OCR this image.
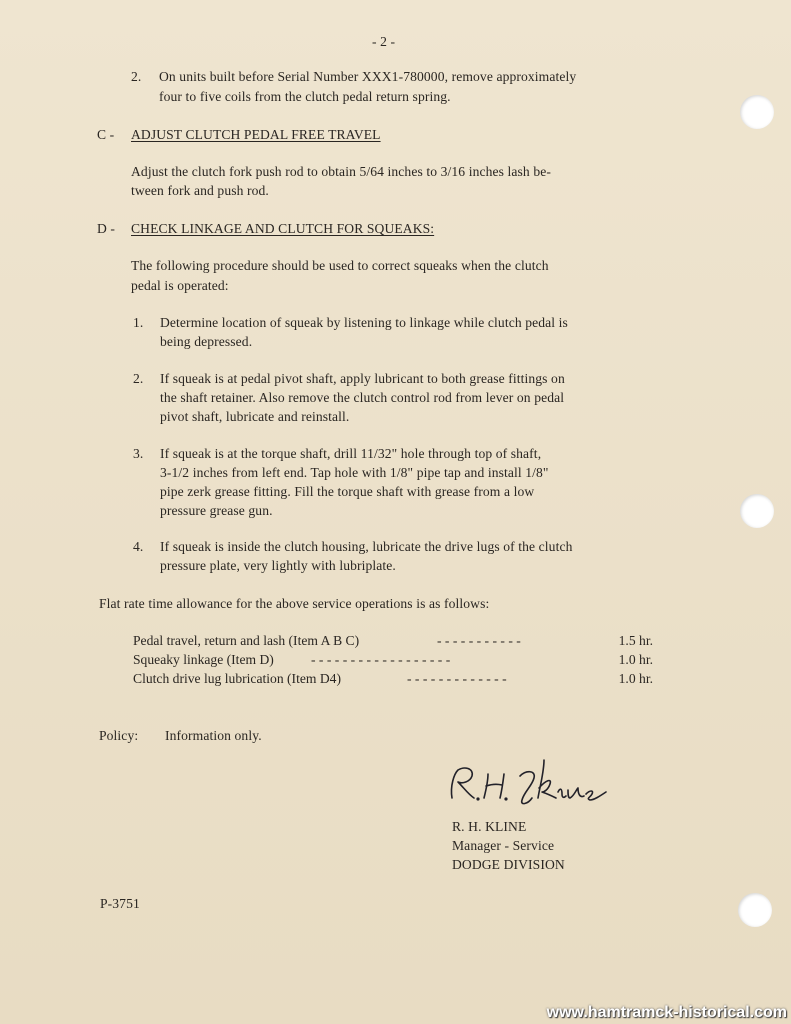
- 2 -
2. On units built before Serial Number XXX1-780000, remove approximately
four to five coils from the clutch pedal return spring.
C - ADJUST CLUTCH PEDAL FREE TRAVEL
Adjust the clutch fork push rod to obtain 5/64 inches to 3/16 inches lash be-
tween fork and push rod.
D - CHECK LINKAGE AND CLUTCH FOR SQUEAKS:
The following procedure should be used to correct squeaks when the clutch
pedal is operated:
1. Determine location of squeak by listening to linkage while clutch pedal is
being depressed.
2. If squeak is at pedal pivot shaft, apply lubricant to both grease fittings on
the shaft retainer. Also remove the clutch control rod from lever on pedal
pivot shaft, lubricate and reinstall.
3. If squeak is at the torque shaft, drill 11/32" hole through top of shaft,
3-1/2 inches from left end. Tap hole with 1/8" pipe tap and install 1/8"
pipe zerk grease fitting. Fill the torque shaft with grease from a low
pressure grease gun.
4. If squeak is inside the clutch housing, lubricate the drive lugs of the clutch
pressure plate, very lightly with lubriplate.
Flat rate time allowance for the above service operations is as follows:
Pedal travel, return and lash (Item A B C)	- - - - - - - - - - -	1.5 hr.
Squeaky linkage (Item D)	- - - - - - - - - - - - - - - - - -	1.0 hr.
Clutch drive lug lubrication (Item D4)	- - - - - - - - - - - - -	1.0 hr.
Policy: Information only.
R. H. KLINE
Manager - Service
DODGE DIVISION
P-3751
www.hamtramck-historical.com
